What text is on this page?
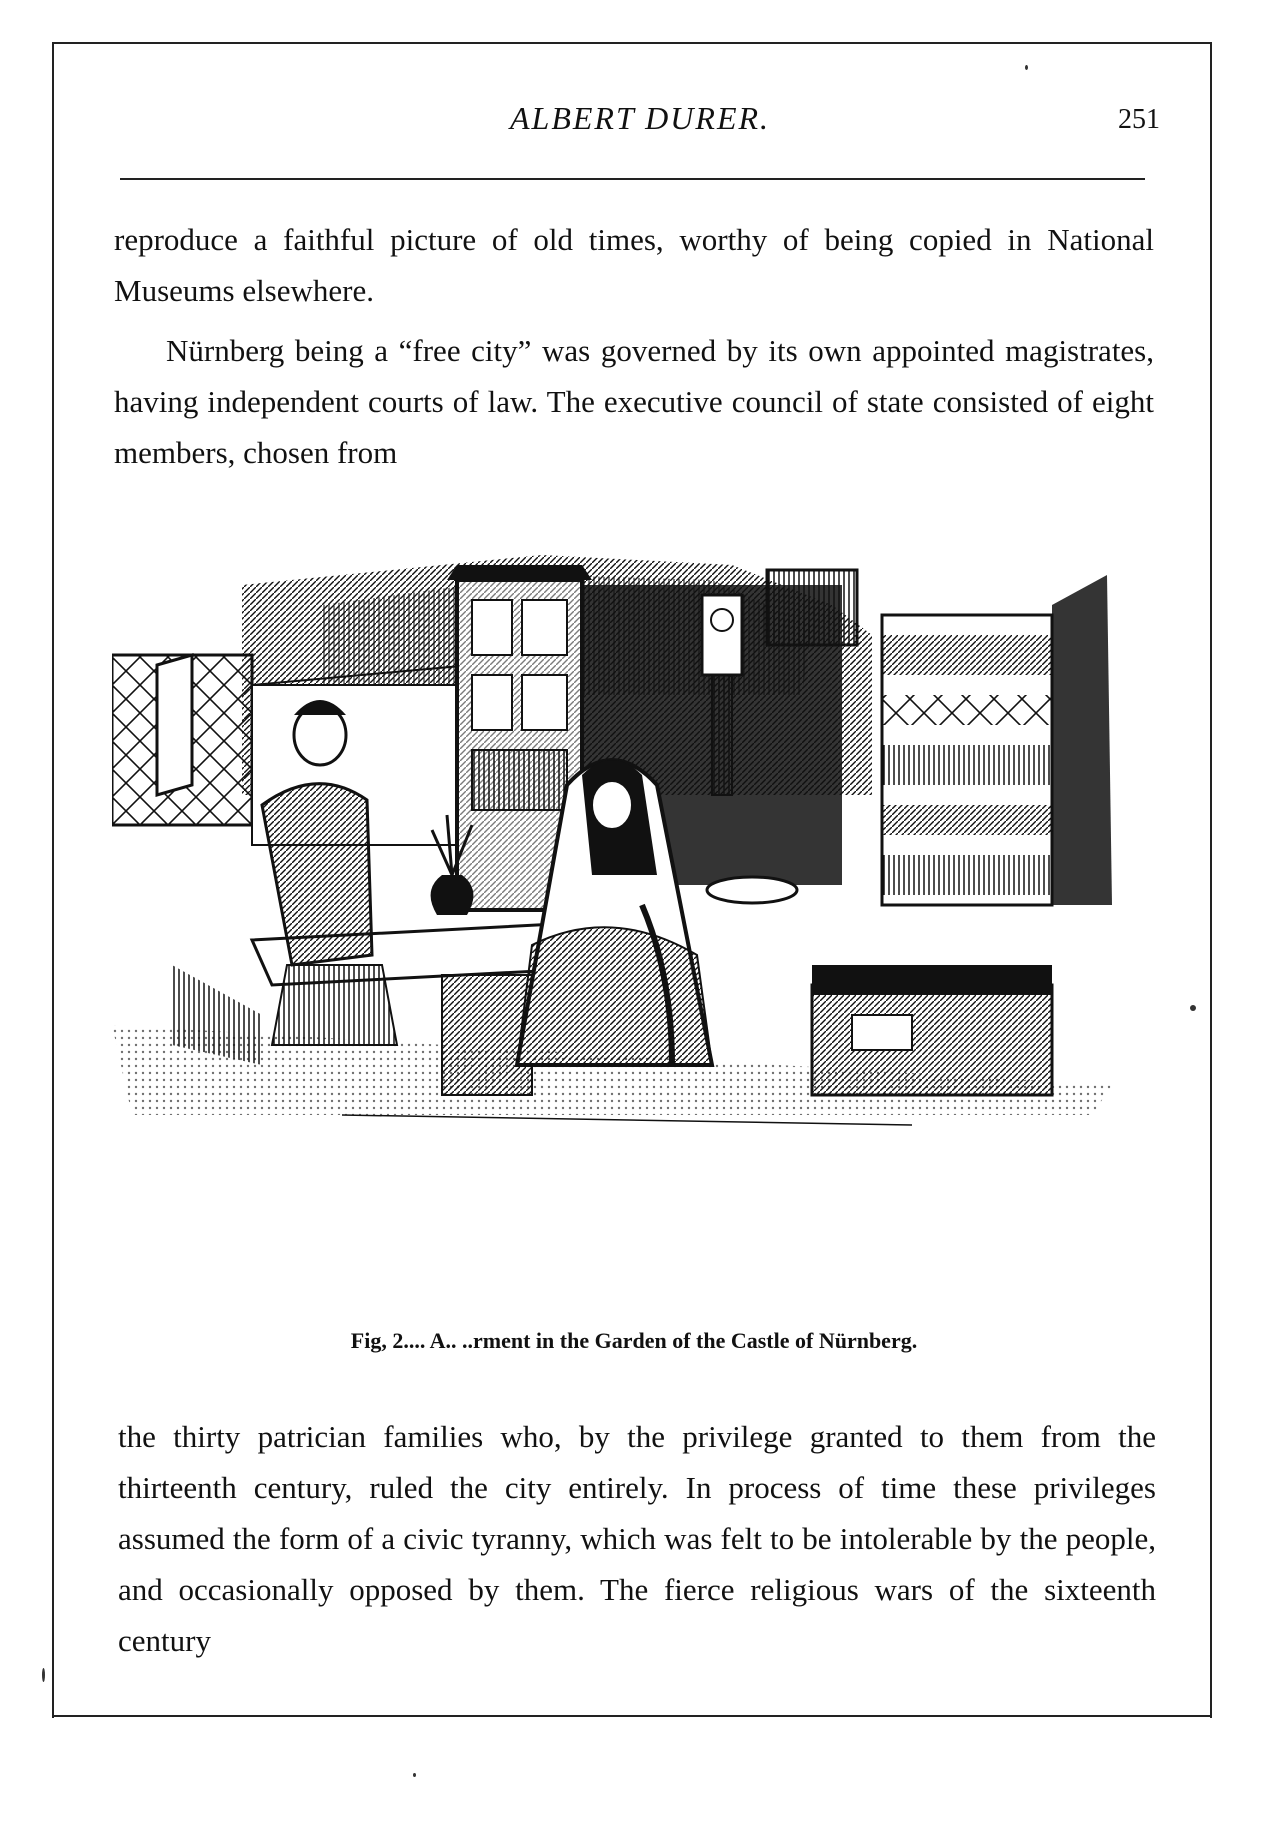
ALBERT DURER.	251

reproduce a faithful picture of old times, worthy of being copied in National Museums elsewhere.

Nürnberg being a “free city” was governed by its own appointed magistrates, having independent courts of law. The executive council of state consisted of eight members, chosen from

Fig, 2.... A.. ..rment in the Garden of the Castle of Nürnberg.

the thirty patrician families who, by the privilege granted to them from the thirteenth century, ruled the city entirely. In process of time these privileges assumed the form of a civic tyranny, which was felt to be intolerable by the people, and occasionally opposed by them. The fierce religious wars of the sixteenth century
